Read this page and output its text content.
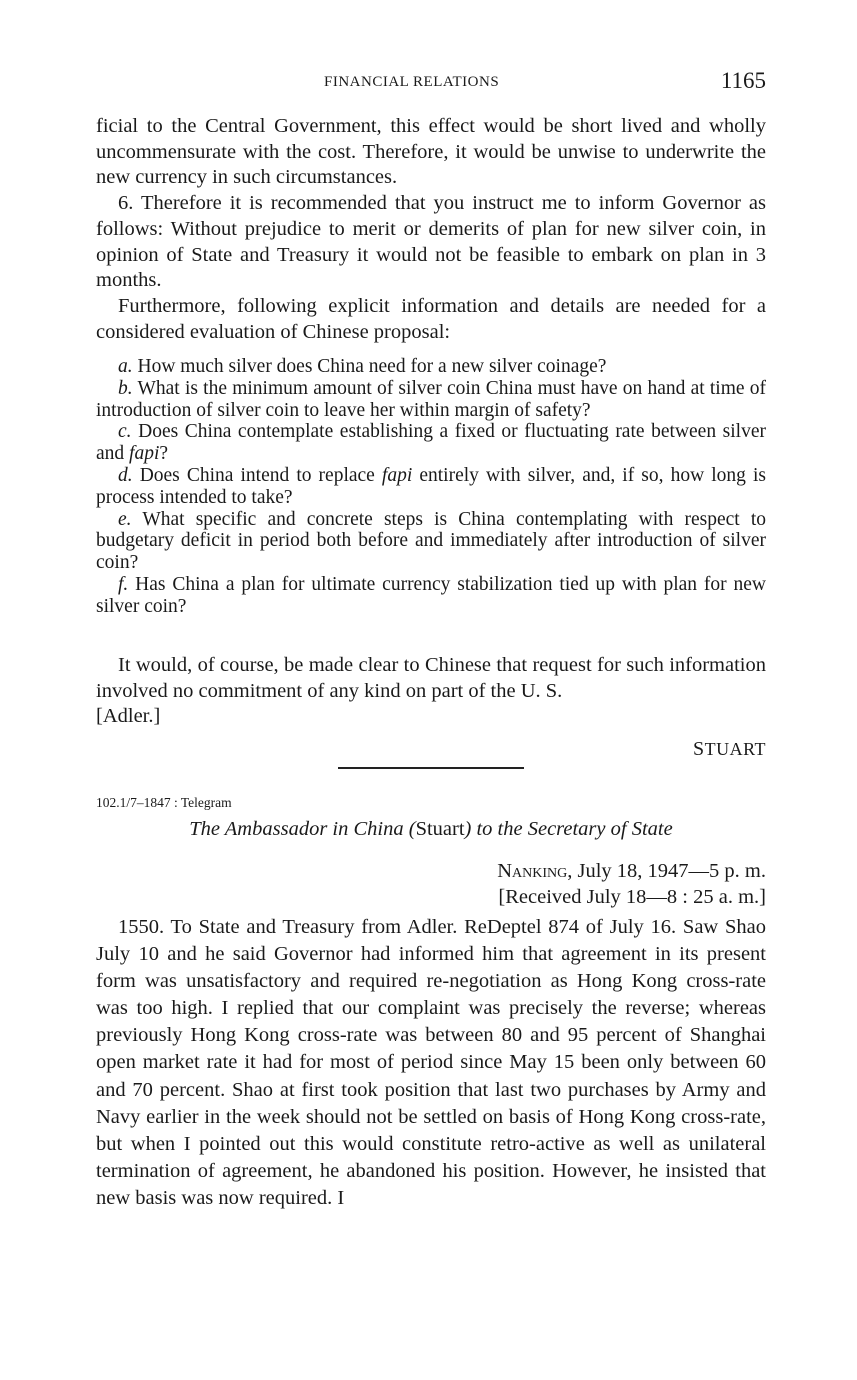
FINANCIAL RELATIONS	1165

ficial to the Central Government, this effect would be short lived and wholly uncommensurate with the cost. Therefore, it would be unwise to underwrite the new currency in such circumstances.

6. Therefore it is recommended that you instruct me to inform Governor as follows: Without prejudice to merit or demerits of plan for new silver coin, in opinion of State and Treasury it would not be feasible to embark on plan in 3 months.

Furthermore, following explicit information and details are needed for a considered evaluation of Chinese proposal:

a. How much silver does China need for a new silver coinage?

b. What is the minimum amount of silver coin China must have on hand at time of introduction of silver coin to leave her within margin of safety?

c. Does China contemplate establishing a fixed or fluctuating rate between silver and fapi?

d. Does China intend to replace fapi entirely with silver, and, if so, how long is process intended to take?

e. What specific and concrete steps is China contemplating with respect to budgetary deficit in period both before and immediately after introduction of silver coin?

f. Has China a plan for ultimate currency stabilization tied up with plan for new silver coin?

It would, of course, be made clear to Chinese that request for such information involved no commitment of any kind on part of the U. S.

[Adler.]

STUART
102.1/7–1847 : Telegram
The Ambassador in China (Stuart) to the Secretary of State
Nanking, July 18, 1947—5 p. m.
[Received July 18—8 : 25 a. m.]

1550. To State and Treasury from Adler. ReDeptel 874 of July 16. Saw Shao July 10 and he said Governor had informed him that agreement in its present form was unsatisfactory and required re-negotiation as Hong Kong cross-rate was too high. I replied that our complaint was precisely the reverse; whereas previously Hong Kong cross-rate was between 80 and 95 percent of Shanghai open market rate it had for most of period since May 15 been only between 60 and 70 percent. Shao at first took position that last two purchases by Army and Navy earlier in the week should not be settled on basis of Hong Kong cross-rate, but when I pointed out this would constitute retro-active as well as unilateral termination of agreement, he abandoned his position. However, he insisted that new basis was now required. I
